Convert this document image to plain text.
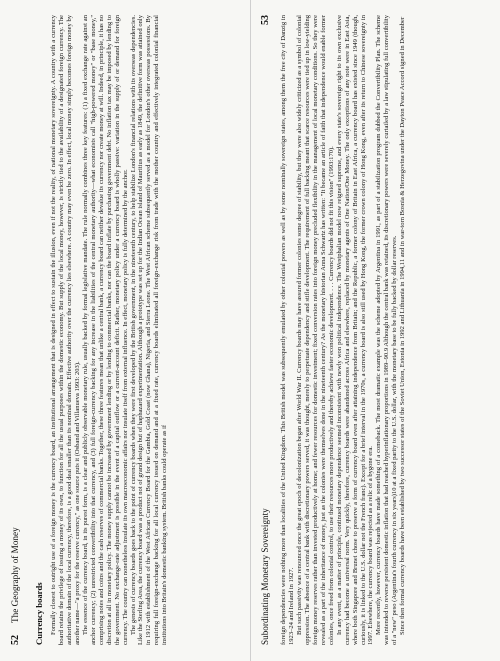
52
The Geography of Money Currency boards Formally closest to outright use of a foreign money is the currency board, an institutional arrangement that is designed in effect to sustain the illusion, even if not the reality, of national monetary sovereignty. A country with a currency board retains the privilege of issuing a money of its own, to function for all the usual purposes within the domestic economy. But supply of the local money, however, is strictly tied to the availability of a designated foreign currency. The authoritative domain of the local currency, therefore, is a good deal smaller than its nominal domain. Effective authority over the currency lies elsewhere. A country may even be zero. In effect, local money simply becomes foreign money by another name—"a proxy for the reserve currency," as one source puts it (Osband and Villanueva 1993: 203). The essence of the currency board, in its purest form, is a clear and publicly observable monetary rule, usually backed by formal legislative mandate. The rule normally combines three key features: (1) a fixed exchange rate against an anchor currency; (2) unrestricted convertibility into that currency, and (3) full foreign-currency backing for any increase in the liabilities of the central monetary authority—what economists call "high-powered money" or "base money," comprising notes and coins and the cash reserves of commercial banks. Together, these three features mean that unlike a central bank, a currency board can neither devalue its currency nor create money at will. Indeed, in principle, it has no discretion at all in monetary policy. The money supply cannot be increased by government lending or by lending to commercial banks, nor can the board inflate by purchasing government debt. No inflation tax may be imposed by lending to the government. No exchange-rate adjustment is possible in the event of a capital outflow or a current-account deficit. Rather, monetary policy under a currency board is wholly passive: variation in the supply of or demand for foreign currency. The country can nonetheless insulate its own macroeconomic affairs nor insulate itself from external influence. In effect, monetary policy is fully determined by the anchor. The genesis of currency boards goes back to the point of currency boards when they were first developed by the British government, in the nineteenth century, to help stabilize London's financial relations with its overseas dependencies. Like the Sterling Area, the currency board was a product not of grand design but of haphazard experimentation. Although a prototype was set up for the Indian Ocean island of Mauritius as early as 1849, the definitive form was attained only in 1912 with establishment of the West African Currency Board for the Gambia, Gold Coast (now Ghana), Nigeria, and Sierra Leone. The West African scheme subsequently served as a model for London's other overseas possessions. By requiring full foreign-exchange backing for all local currency issued on demand and at a fixed rate, currency boards eliminated all foreign-exchange risk from trade with the mother country and effectively integrated colonial financial institutions into Britain's domestic banking system. British banks could operate as if	Subordinating Monetary Sovereignty
53 foreign dependencies were nothing more than localities of the United Kingdom. This British model was subsequently emulated by other colonial powers as well as by some nominally sovereign states, among them the free city of Danzig in 1923–24 and Ireland in 1927. But such passivity was renounced once the great epoch of decolonization began after World War II. Currency boards may have assured former colonies some degree of stability, but they were also widely criticized as a symbol of colonial oppression. The absence of a central bank with discretionary powers served, it was thought, merely to perpetuate dependency and stifle development. The requirement of full backing meant that scarce resources were tied up in low-yielding foreign money reserves rather than invested productively at home; and fewer resources for domestic investment; fixed conversion rates into foreign money precluded flexibility in the management of local monetary conditions. So they were revealed as a part of the inheritance of money, just as the colonies were themselves done in the nineteenth century? As the monetary historian Anna Schwartz has written: "It became an article of faith that independence would enable former colonies, once freed from colonial control, to use their resources more productively and thereby achieve faster economic development. . . . Currency boards did not fit this vision" (1993:170). In any event, as a matter of principle, continued monetary dependence seemed inconsistent with newly won political independence. The Westphalian model now reigned supreme, and every state's sovereign right to its own exclusive currency had become a universal norm. Very quickly, therefore, currency boards were abandoned across Africa and elsewhere, replaced by monetary agents of One Nation/One Money. The only exceptions of any note were in East Asia, where both Singapore and Brunei chose to preserve a form of currency board even after attaining independence from Britain; and the Republic, a former colony of Britain in East Africa, a currency board has existed since 1949 (though, curiously, it is linked to the U.S. dollar not the French franc). Except for a brief interval in the 1970s, a currency board is also still used by Hong Kong, the former crown colony of Hong Kong, even after its return to Chinese sovereignty in 1997. Elsewhere, the currency board was rejected as a relic of a bygone era. More recently, however, currency boards have made something of a comeback. The most dramatic example was the scheme adopted by Argentina in 1991, as part of a stabilization program dubbed the Convertibility Plan. The scheme was intended to reverse persistent domestic inflation that had reached hyperinflationary proportions in 1989–90.9 Although the central bank was retained, its discretionary powers were severely curtailed by a law stipulating full convertibility of a "new" peso (Argentina's fourth currency in six years)10 at a fixed parity to the U.S. dollar, with the monetary base to be fully backed by dollar reserves. Since then formal currency boards have been established by two successor states of the Soviet Union, Estonia in 1992 and Lithuania in 1994,11 and in war-torn Bosnia & Herzegovina under the Dayton Peace Accord signed in December
